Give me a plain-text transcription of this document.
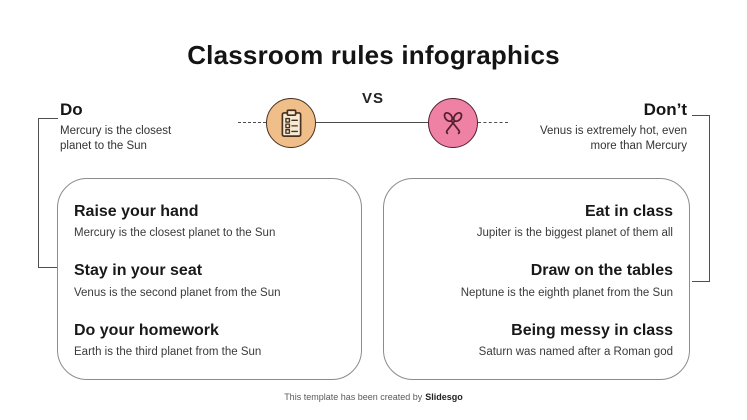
Classroom rules infographics
VS
Do

Mercury is the closest planet to the Sun

Don’t

Venus is extremely hot, even more than Mercury

Raise your hand

Mercury is the closest planet to the Sun

Stay in your seat

Venus is the second planet from the Sun

Do your homework

Earth is the third planet from the Sun

Eat in class

Jupiter is the biggest planet of them all

Draw on the tables

Neptune is the eighth planet from the Sun

Being messy in class

Saturn was named after a Roman god

This template has been created by Slidesgo
